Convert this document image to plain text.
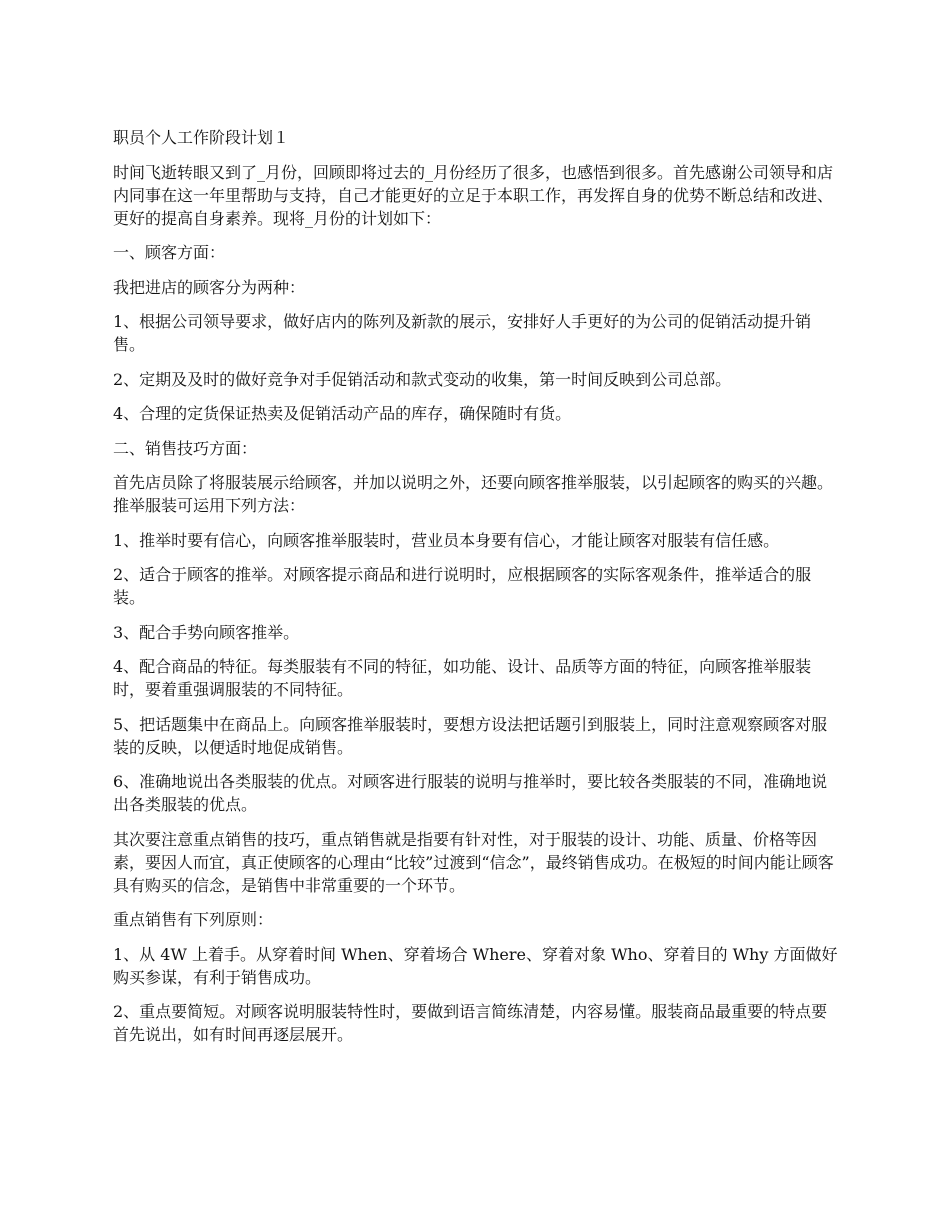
职员个人工作阶段计划１

时间飞逝转眼又到了_月份，回顾即将过去的_月份经历了很多，也感悟到很多。首先感谢公司领导和店内同事在这一年里帮助与支持，自己才能更好的立足于本职工作，再发挥自身的优势不断总结和改进、更好的提高自身素养。现将_月份的计划如下：

一、顾客方面：

我把进店的顾客分为两种：

1、根据公司领导要求，做好店内的陈列及新款的展示，安排好人手更好的为公司的促销活动提升销售。

2、定期及及时的做好竞争对手促销活动和款式变动的收集，第一时间反映到公司总部。

4、合理的定货保证热卖及促销活动产品的库存，确保随时有货。

二、销售技巧方面：

首先店员除了将服装展示给顾客，并加以说明之外，还要向顾客推举服装，以引起顾客的购买的兴趣。推举服装可运用下列方法：

1、推举时要有信心，向顾客推举服装时，营业员本身要有信心，才能让顾客对服装有信任感。

2、适合于顾客的推举。对顾客提示商品和进行说明时，应根据顾客的实际客观条件，推举适合的服装。

3、配合手势向顾客推举。

4、配合商品的特征。每类服装有不同的特征，如功能、设计、品质等方面的特征，向顾客推举服装时，要着重强调服装的不同特征。

5、把话题集中在商品上。向顾客推举服装时，要想方设法把话题引到服装上，同时注意观察顾客对服装的反映，以便适时地促成销售。

6、准确地说出各类服装的优点。对顾客进行服装的说明与推举时，要比较各类服装的不同，准确地说出各类服装的优点。

其次要注意重点销售的技巧，重点销售就是指要有针对性，对于服装的设计、功能、质量、价格等因素，要因人而宜，真正使顾客的心理由“比较”过渡到“信念”，最终销售成功。在极短的时间内能让顾客具有购买的信念，是销售中非常重要的一个环节。

重点销售有下列原则：

1、从 4W 上着手。从穿着时间 When、穿着场合 Where、穿着对象 Who、穿着目的 Why 方面做好购买参谋，有利于销售成功。

2、重点要简短。对顾客说明服装特性时，要做到语言简练清楚，内容易懂。服装商品最重要的特点要首先说出，如有时间再逐层展开。
